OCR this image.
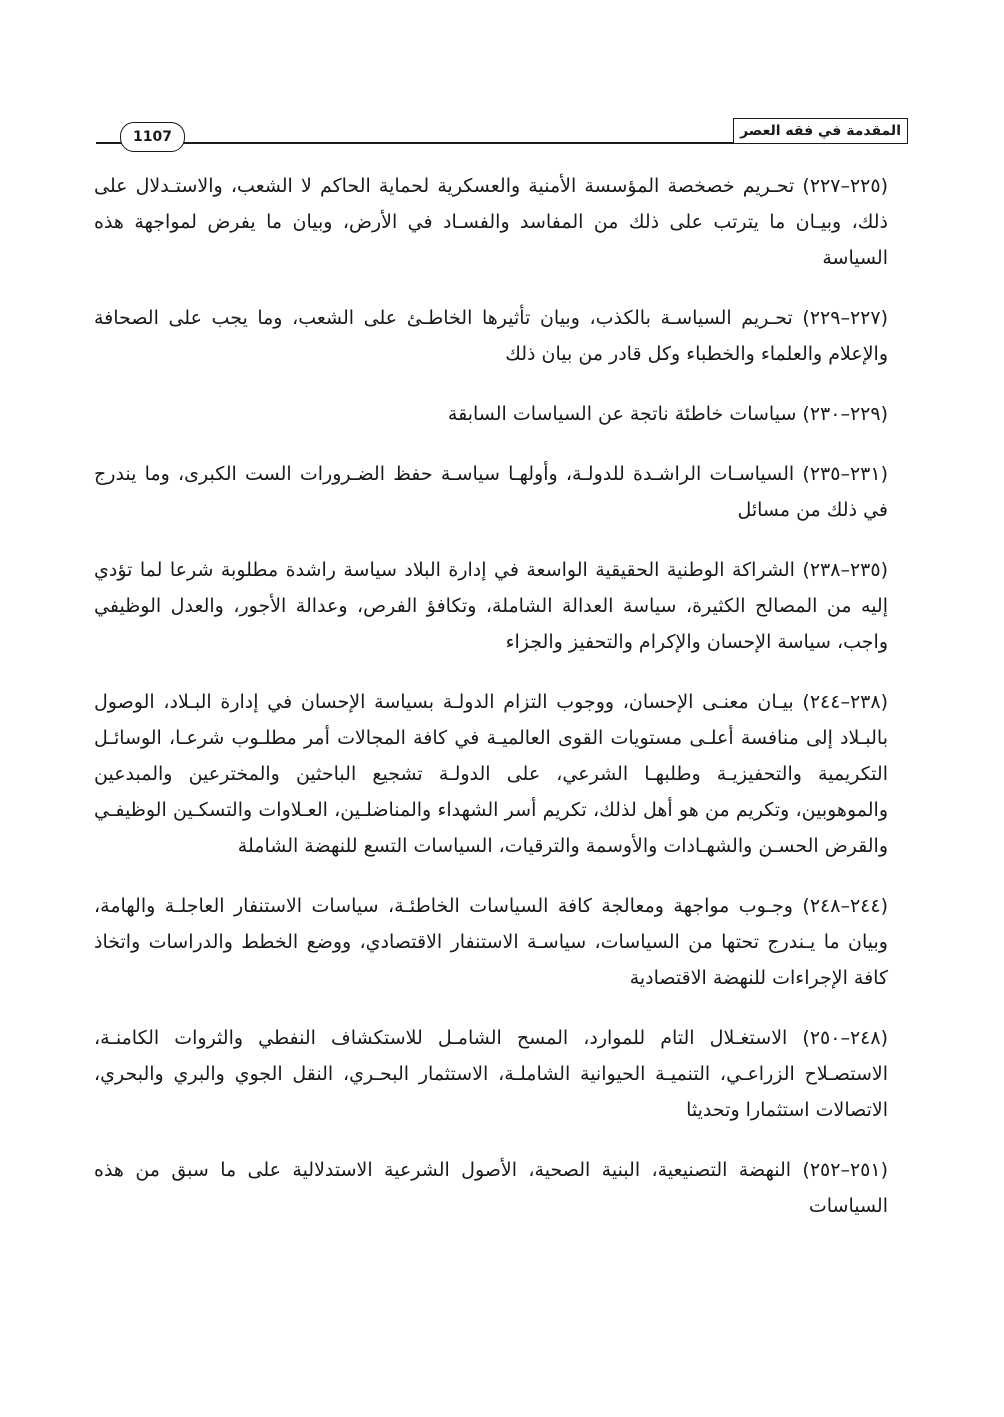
المقدمة في فقه العصر
1107

(٢٢٥–٢٢٧) تحـريم خصخصة المؤسسة الأمنية والعسكرية لحماية الحاكم لا الشعب، والاستـدلال على ذلك، وبيـان ما يترتب على ذلك من المفاسد والفسـاد في الأرض، وبيان ما يفرض لمواجهة هذه السياسة

(٢٢٧–٢٢٩) تحـريم السياسـة بالكذب، وبيان تأثيرها الخاطـئ على الشعب، وما يجب على الصحافة والإعلام والعلماء والخطباء وكل قادر من بيان ذلك

(٢٢٩–٢٣٠) سياسات خاطئة ناتجة عن السياسات السابقة

(٢٣١–٢٣٥) السياسـات الراشـدة للدولـة، وأولهـا سياسـة حفظ الضـرورات الست الكبرى، وما يندرج في ذلك من مسائل

(٢٣٥–٢٣٨) الشراكة الوطنية الحقيقية الواسعة في إدارة البلاد سياسة راشدة مطلوبة شرعا لما تؤدي إليه من المصالح الكثيرة، سياسة العدالة الشاملة، وتكافؤ الفرص، وعدالة الأجور، والعدل الوظيفي واجب، سياسة الإحسان والإكرام والتحفيز والجزاء

(٢٣٨–٢٤٤) بيـان معنـى الإحسان، ووجوب التزام الدولـة بسياسة الإحسان في إدارة البـلاد، الوصول بالبـلاد إلى منافسة أعلـى مستويات القوى العالميـة في كافة المجالات أمر مطلـوب شرعـا، الوسائـل التكريمية والتحفيزيـة وطلبهـا الشرعي، على الدولـة تشجيع الباحثين والمخترعين والمبدعين والموهوبين، وتكريم من هو أهل لذلك، تكريم أسر الشهداء والمناضلـين، العـلاوات والتسكـين الوظيفـي والقرض الحسـن والشهـادات والأوسمة والترقيات، السياسات التسع للنهضة الشاملة

(٢٤٤–٢٤٨) وجـوب مواجهة ومعالجة كافة السياسات الخاطئـة، سياسات الاستنفار العاجلـة والهامة، وبيان ما يـندرج تحتها من السياسات، سياسـة الاستنفار الاقتصادي، ووضع الخطط والدراسات واتخاذ كافة الإجراءات للنهضة الاقتصادية

(٢٤٨–٢٥٠) الاستغـلال التام للموارد، المسح الشامـل للاستكشاف النفطي والثروات الكامنـة، الاستصـلاح الزراعـي، التنميـة الحيوانية الشاملـة، الاستثمار البحـري، النقل الجوي والبري والبحري، الاتصالات استثمارا وتحديثا

(٢٥١–٢٥٢) النهضة التصنيعية، البنية الصحية، الأصول الشرعية الاستدلالية على ما سبق من هذه السياسات
